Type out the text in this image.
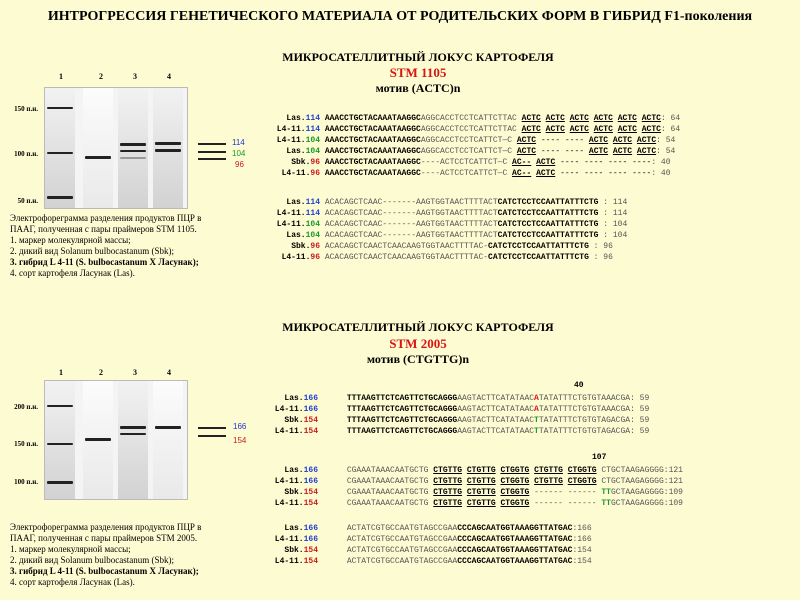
ИНТРОГРЕССИЯ ГЕНЕТИЧЕСКОГО МАТЕРИАЛА ОТ РОДИТЕЛЬСКИХ ФОРМ В ГИБРИД F1-поколения
МИКРОСАТЕЛЛИТНЫЙ ЛОКУС КАРТОФЕЛЯ
STM 1105
мотив (ACTC)n
1	2	3	4
150 п.н.
100 п.н.
50 п.н.
114
104
96
Электрофореграмма разделения продуктов ПЦР в
ПААГ, полученная с пары праймеров STM 1105.
1. маркер молекулярной массы;
2. дикий вид Solanum bulbocastanum (Sbk);
3. гибрид L 4-11 (S. bulbocastanum X Ласунак);
4. сорт картофеля Ласунак (Las).
Las.114 AAACCTGCTACAAATAAGGCAGGCACCTCCTCATTCTTAC ACTC ACTC ACTC ACTC ACTC ACTC: 64
L4-11.114 AAACCTGCTACAAATAAGGCAGGCACCTCCTCATTCTTAC ACTC ACTC ACTC ACTC ACTC ACTC: 64
L4-11.104 AAACCTGCTACAAATAAGGCAGGCACCTCCTCATTCT—C ACTC ---- ---- ACTC ACTC ACTC: 54
Las.104 AAACCTGCTACAAATAAGGCAGGCACCTCCTCATTCT—C ACTC ---- ---- ACTC ACTC ACTC: 54
Sbk.96 AAACCTGCTACAAATAAGGC----ACTCCTCATTCT—C AC-- ACTC ---- ---- ---- ----: 40
L4-11.96 AAACCTGCTACAAATAAGGC----ACTCCTCATTCT—C AC-- ACTC ---- ---- ---- ----: 40
Las.114 ACACAGCTCAAC-------AAGTGGTAACTTTTACTCATCTCCTCCAATTATTTCTG : 114
L4-11.114 ACACAGCTCAAC-------AAGTGGTAACTTTTACTCATCTCCTCCAATTATTTCTG : 114
L4-11.104 ACACAGCTCAAC-------AAGTGGTAACTTTTACTCATCTCCTCCAATTATTTCTG : 104
Las.104 ACACAGCTCAAC-------AAGTGGTAACTTTTACTCATCTCCTCCAATTATTTCTG : 104
Sbk.96 ACACAGCTCAACTCAACAAGTGGTAACTTTTAC-CATCTCCTCCAATTATTTCTG : 96
L4-11.96 ACACAGCTCAACTCAACAAGTGGTAACTTTTAC-CATCTCCTCCAATTATTTCTG : 96
МИКРОСАТЕЛЛИТНЫЙ ЛОКУС КАРТОФЕЛЯ
STM 2005
мотив (CTGTTG)n
1	2	3	4
200 п.н.
150 п.н.
100 п.н.
166
154
Электрофореграмма разделения продуктов ПЦР в
ПААГ, полученная с пары праймеров STM 2005.
1. маркер молекулярной массы;
2. дикий вид Solanum bulbocastanum (Sbk);
3. гибрид L 4-11 (S. bulbocastanum X Ласунак);
4. сорт картофеля Ласунак (Las).
40
107
Las.166	TTTAAGTTCTCAGTTCTGCAGGGAAGTACTTCATATAACATATATTTCTGTGTAAACGA: 59
L4-11.166	TTTAAGTTCTCAGTTCTGCAGGGAAGTACTTCATATAACATATATTTCTGTGTAAACGA: 59
Sbk.154	TTTAAGTTCTCAGTTCTGCAGGGAAGTACTTCATATAACTTATATTTCTGTGTAGACGA: 59
L4-11.154	TTTAAGTTCTCAGTTCTGCAGGGAAGTACTTCATATAACTTATATTTCTGTGTAGACGA: 59
Las.166	CGAAATAAACAATGCTG CTGTTG CTGTTG CTGGTG CTGTTG CTGGTG CTGCTAAGAGGGG:121
L4-11.166	CGAAATAAACAATGCTG CTGTTG CTGTTG CTGGTG CTGTTG CTGGTG CTGCTAAGAGGGG:121
Sbk.154	CGAAATAAACAATGCTG CTGTTG CTGTTG CTGGTG ------ ------ TTGCTAAGAGGGG:109
L4-11.154	CGAAATAAACAATGCTG CTGTTG CTGTTG CTGGTG ------ ------ TTGCTAAGAGGGG:109
Las.166	ACTATCGTGCCAATGTAGCCGAACCCAGCAATGGTAAAGGTTATGAC:166
L4-11.166	ACTATCGTGCCAATGTAGCCGAACCCAGCAATGGTAAAGGTTATGAC:166
Sbk.154	ACTATCGTGCCAATGTAGCCGAACCCAGCAATGGTAAAGGTTATGAC:154
L4-11.154	ACTATCGTGCCAATGTAGCCGAACCCAGCAATGGTAAAGGTTATGAC:154
